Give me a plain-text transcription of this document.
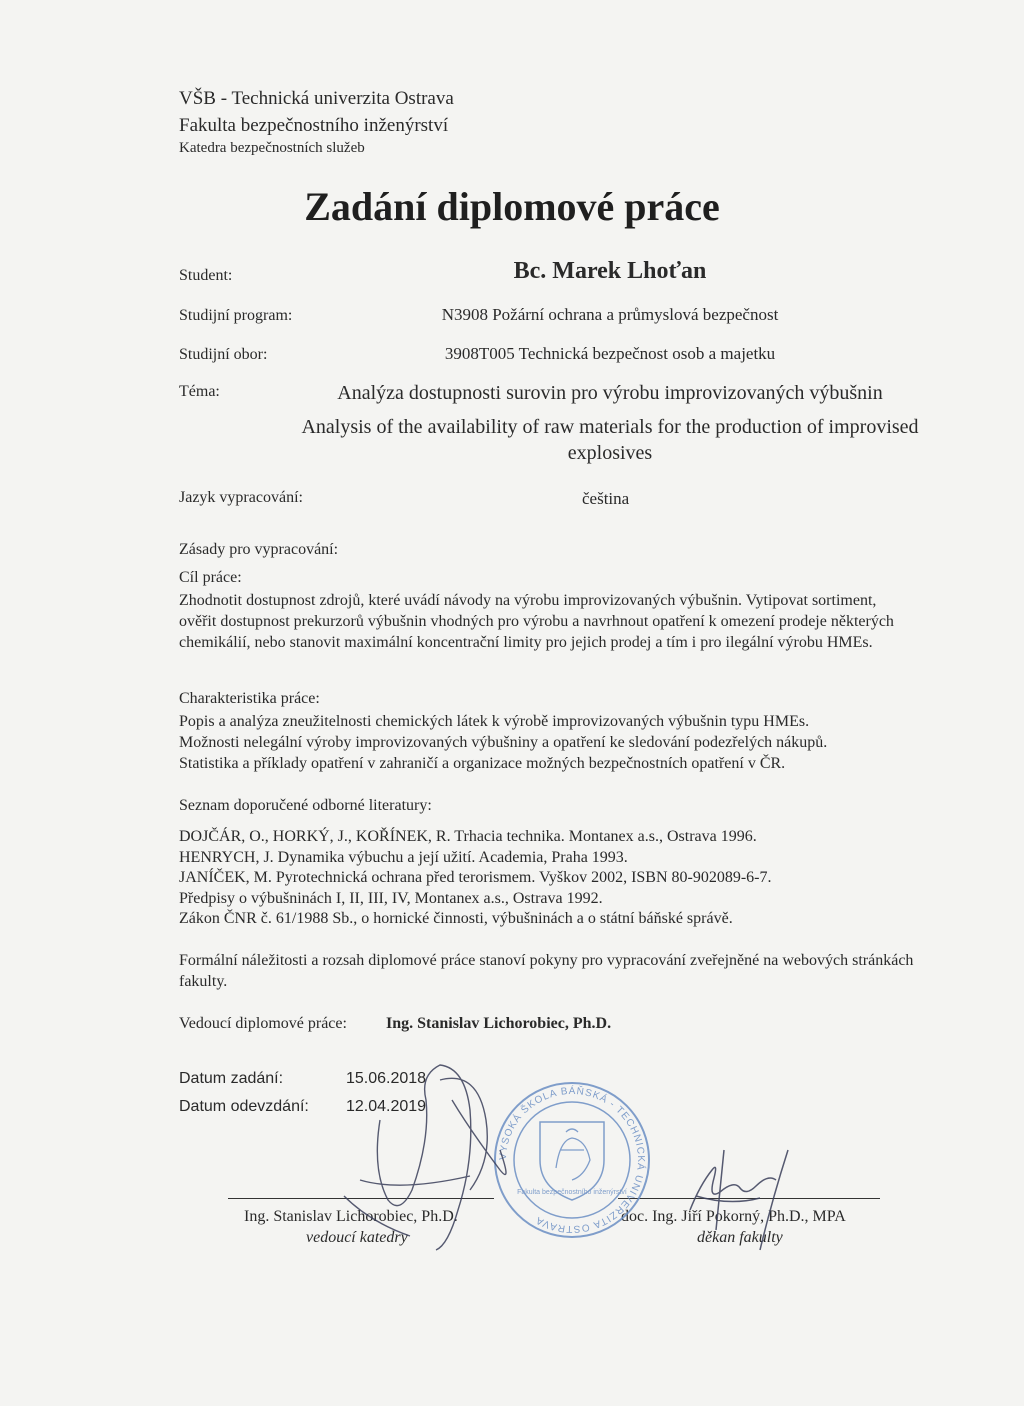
VŠB - Technická univerzita Ostrava
Fakulta bezpečnostního inženýrství
Katedra bezpečnostních služeb
Zadání diplomové práce
Student:	Bc. Marek Lhoťan
Studijní program:	N3908 Požární ochrana a průmyslová bezpečnost
Studijní obor:	3908T005 Technická bezpečnost osob a majetku
Téma:	Analýza dostupnosti surovin pro výrobu improvizovaných výbušnin
Analysis of the availability of raw materials for the production of improvised explosives
Jazyk vypracování:	čeština
Zásady pro vypracování:
Cíl práce:
Zhodnotit dostupnost zdrojů, které uvádí návody na výrobu improvizovaných výbušnin. Vytipovat sortiment, ověřit dostupnost prekurzorů výbušnin vhodných pro výrobu a navrhnout opatření k omezení prodeje některých chemikálií, nebo stanovit maximální koncentrační limity pro jejich prodej a tím i pro ilegální výrobu HMEs.
Charakteristika práce:
Popis a analýza zneužitelnosti chemických látek k výrobě improvizovaných výbušnin typu HMEs.
Možnosti nelegální výroby improvizovaných výbušniny a opatření ke sledování podezřelých nákupů.
Statistika a příklady opatření v zahraničí a organizace možných bezpečnostních opatření v ČR.
Seznam doporučené odborné literatury:
DOJČÁR, O., HORKÝ, J., KOŘÍNEK, R. Trhacia technika. Montanex a.s., Ostrava 1996.
HENRYCH, J. Dynamika výbuchu a její užití. Academia, Praha 1993.
JANÍČEK, M. Pyrotechnická ochrana před terorismem. Vyškov 2002, ISBN 80-902089-6-7.
Předpisy o výbušninách I, II, III, IV, Montanex a.s., Ostrava 1992.
Zákon ČNR č. 61/1988 Sb., o hornické činnosti, výbušninách a o státní báňské správě.
Formální náležitosti a rozsah diplomové práce stanoví pokyny pro vypracování zveřejněné na webových stránkách fakulty.
Vedoucí diplomové práce: Ing. Stanislav Lichorobiec, Ph.D.
Datum zadání:	15.06.2018
Datum odevzdání: 12.04.2019
Ing. Stanislav Lichorobiec, Ph.D.
vedoucí katedry
doc. Ing. Jiří Pokorný, Ph.D., MPA
děkan fakulty
VYSOKÁ ŠKOLA BÁŇSKÁ - TECHNICKÁ UNIVERZITA OSTRAVA
Fakulta bezpečnostního inženýrství
